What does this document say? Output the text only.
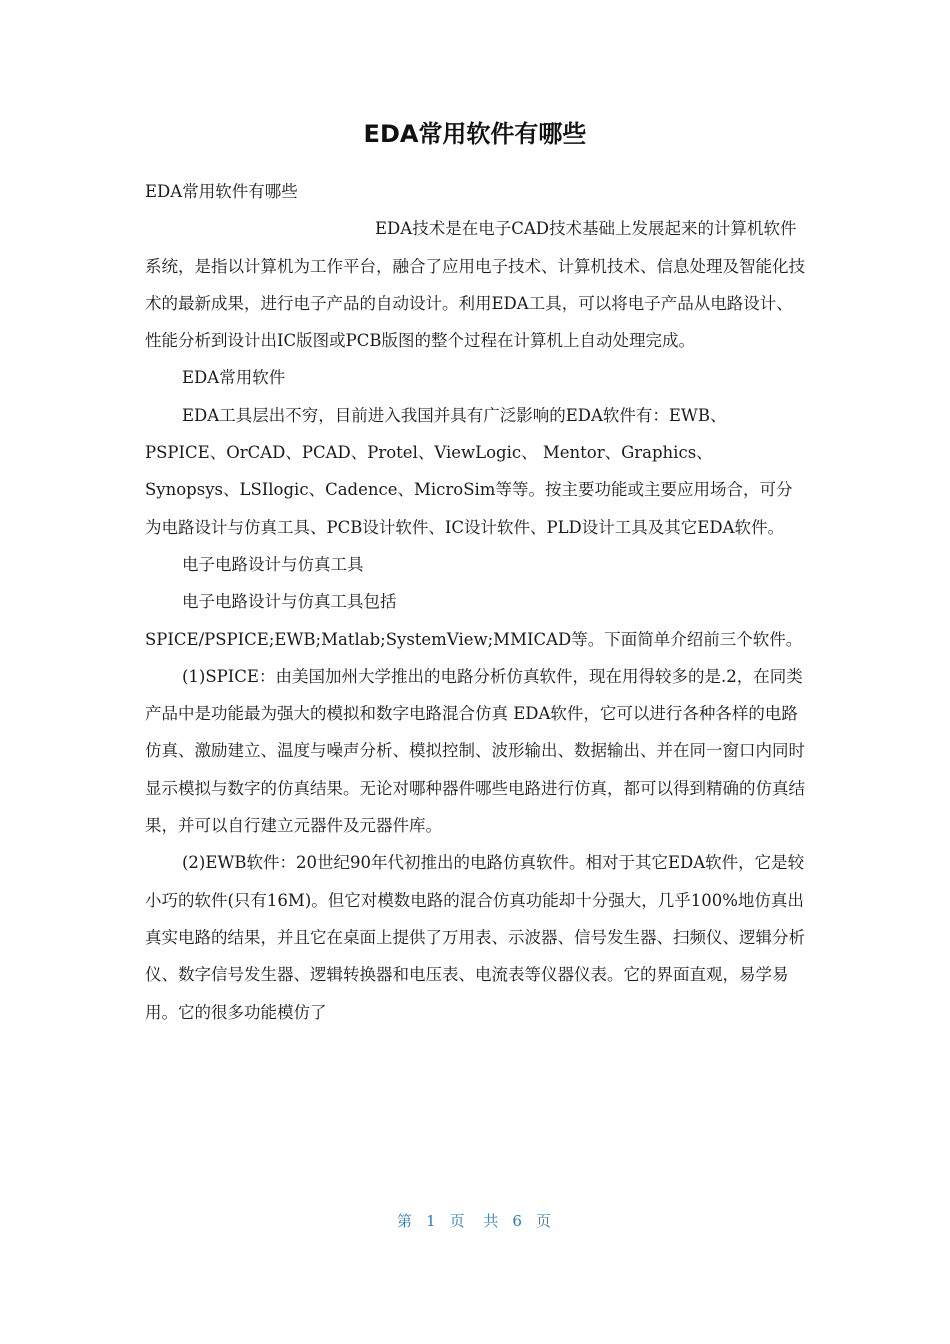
EDA常用软件有哪些

EDA常用软件有哪些

EDA技术是在电子CAD技术基础上发展起来的计算机软件系统，是指以计算机为工作平台，融合了应用电子技术、计算机技术、信息处理及智能化技术的最新成果，进行电子产品的自动设计。利用EDA工具，可以将电子产品从电路设计、性能分析到设计出IC版图或PCB版图的整个过程在计算机上自动处理完成。

EDA常用软件

EDA工具层出不穷，目前进入我国并具有广泛影响的EDA软件有：EWB、PSPICE、OrCAD、PCAD、Protel、ViewLogic、 Mentor、Graphics、Synopsys、LSIlogic、Cadence、MicroSim等等。按主要功能或主要应用场合，可分为电路设计与仿真工具、PCB设计软件、IC设计软件、PLD设计工具及其它EDA软件。

电子电路设计与仿真工具

电子电路设计与仿真工具包括

SPICE/PSPICE;EWB;Matlab;SystemView;MMICAD等。下面简单介绍前三个软件。

(1)SPICE：由美国加州大学推出的电路分析仿真软件，现在用得较多的是.2，在同类产品中是功能最为强大的模拟和数字电路混合仿真 EDA软件，它可以进行各种各样的电路仿真、激励建立、温度与噪声分析、模拟控制、波形输出、数据输出、并在同一窗口内同时显示模拟与数字的仿真结果。无论对哪种器件哪些电路进行仿真，都可以得到精确的仿真结果，并可以自行建立元器件及元器件库。

(2)EWB软件：20世纪90年代初推出的电路仿真软件。相对于其它EDA软件，它是较小巧的软件(只有16M)。但它对模数电路的混合仿真功能却十分强大，几乎100%地仿真出真实电路的结果，并且它在桌面上提供了万用表、示波器、信号发生器、扫频仪、逻辑分析仪、数字信号发生器、逻辑转换器和电压表、电流表等仪器仪表。它的界面直观，易学易用。它的很多功能模仿了

第 1 页 共 6 页
